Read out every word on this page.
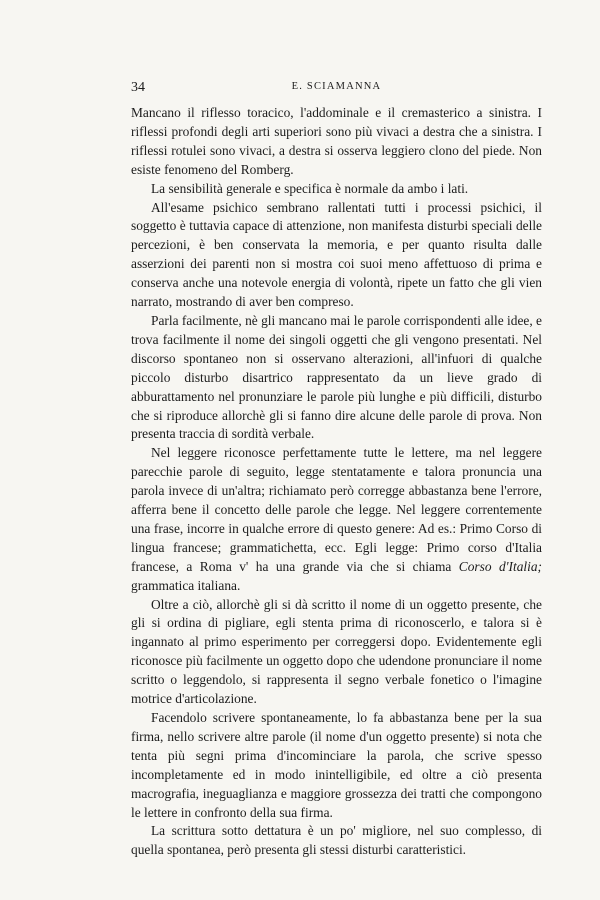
34	E. SCIAMANNA

Mancano il riflesso toracico, l'addominale e il cremasterico a sinistra. I riflessi profondi degli arti superiori sono più vivaci a destra che a sinistra. I riflessi rotulei sono vivaci, a destra si osserva leggiero clono del piede. Non esiste fenomeno del Romberg.

La sensibilità generale e specifica è normale da ambo i lati.

All'esame psichico sembrano rallentati tutti i processi psichici, il soggetto è tuttavia capace di attenzione, non manifesta disturbi speciali delle percezioni, è ben conservata la memoria, e per quanto risulta dalle asserzioni dei parenti non si mostra coi suoi meno affettuoso di prima e conserva anche una notevole energia di volontà, ripete un fatto che gli vien narrato, mostrando di aver ben compreso.

Parla facilmente, nè gli mancano mai le parole corrispondenti alle idee, e trova facilmente il nome dei singoli oggetti che gli vengono presentati. Nel discorso spontaneo non si osservano alterazioni, all'infuori di qualche piccolo disturbo disartrico rappresentato da un lieve grado di abburattamento nel pronunziare le parole più lunghe e più difficili, disturbo che si riproduce allorchè gli si fanno dire alcune delle parole di prova. Non presenta traccia di sordità verbale.

Nel leggere riconosce perfettamente tutte le lettere, ma nel leggere parecchie parole di seguito, legge stentatamente e talora pronuncia una parola invece di un'altra; richiamato però corregge abbastanza bene l'errore, afferra bene il concetto delle parole che legge. Nel leggere correntemente una frase, incorre in qualche errore di questo genere: Ad es.: Primo Corso di lingua francese; grammatichetta, ecc. Egli legge: Primo corso d'Italia francese, a Roma v' ha una grande via che si chiama Corso d'Italia; grammatica italiana.

Oltre a ciò, allorchè gli si dà scritto il nome di un oggetto presente, che gli si ordina di pigliare, egli stenta prima di riconoscerlo, e talora si è ingannato al primo esperimento per correggersi dopo. Evidentemente egli riconosce più facilmente un oggetto dopo che udendone pronunciare il nome scritto o leggendolo, si rappresenta il segno verbale fonetico o l'imagine motrice d'articolazione.

Facendolo scrivere spontaneamente, lo fa abbastanza bene per la sua firma, nello scrivere altre parole (il nome d'un oggetto presente) si nota che tenta più segni prima d'incominciare la parola, che scrive spesso incompletamente ed in modo inintelligibile, ed oltre a ciò presenta macrografia, ineguaglianza e maggiore grossezza dei tratti che compongono le lettere in confronto della sua firma.

La scrittura sotto dettatura è un po' migliore, nel suo complesso, di quella spontanea, però presenta gli stessi disturbi caratteristici.
